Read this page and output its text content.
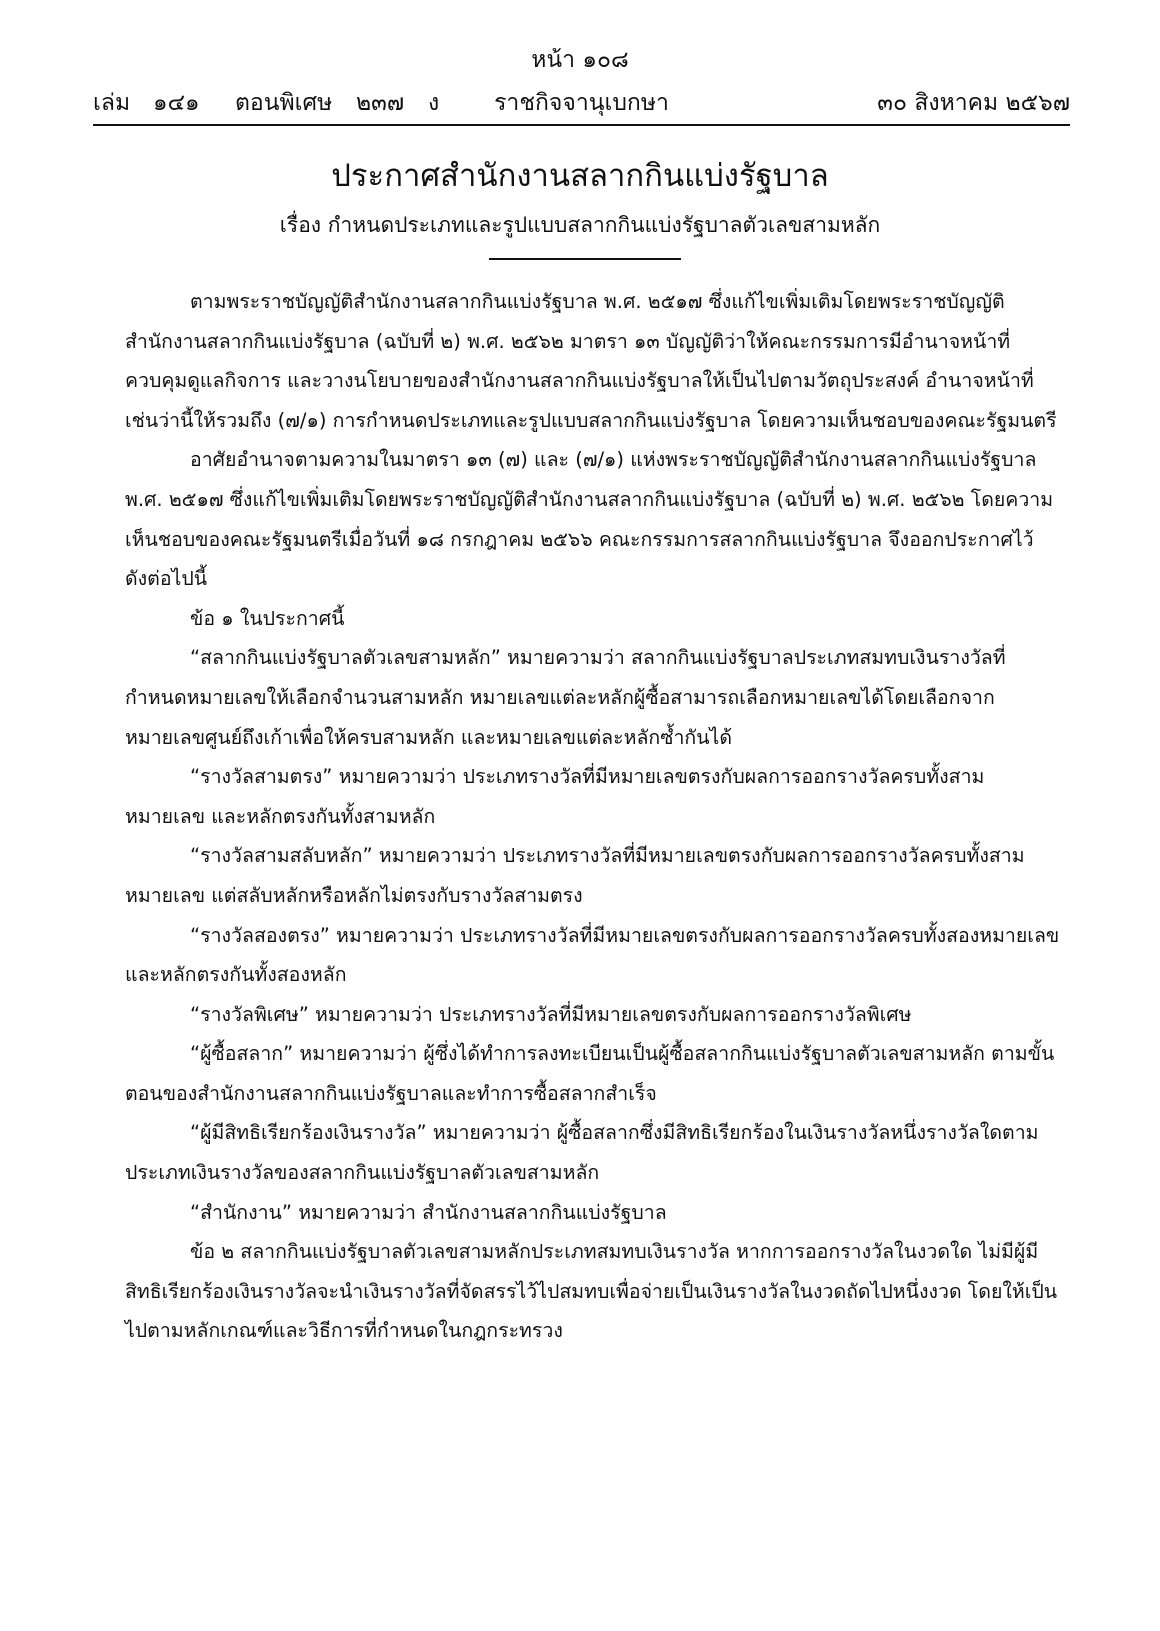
หน้า ๑๐๘
เล่ม ๑๔๑ ตอนพิเศษ ๒๓๗ ง	ราชกิจจานุเบกษา	๓๐ สิงหาคม ๒๕๖๗
ประกาศสำนักงานสลากกินแบ่งรัฐบาล
เรื่อง กำหนดประเภทและรูปแบบสลากกินแบ่งรัฐบาลตัวเลขสามหลัก

ตามพระราชบัญญัติสำนักงานสลากกินแบ่งรัฐบาล พ.ศ. ๒๕๑๗ ซึ่งแก้ไขเพิ่มเติมโดยพระราชบัญญัติสำนักงานสลากกินแบ่งรัฐบาล (ฉบับที่ ๒) พ.ศ. ๒๕๖๒ มาตรา ๑๓ บัญญัติว่าให้คณะกรรมการมีอำนาจหน้าที่ควบคุมดูแลกิจการ และวางนโยบายของสำนักงานสลากกินแบ่งรัฐบาลให้เป็นไปตามวัตถุประสงค์ อำนาจหน้าที่เช่นว่านี้ให้รวมถึง (๗/๑) การกำหนดประเภทและรูปแบบสลากกินแบ่งรัฐบาล โดยความเห็นชอบของคณะรัฐมนตรี

อาศัยอำนาจตามความในมาตรา ๑๓ (๗) และ (๗/๑) แห่งพระราชบัญญัติสำนักงานสลากกินแบ่งรัฐบาล พ.ศ. ๒๕๑๗ ซึ่งแก้ไขเพิ่มเติมโดยพระราชบัญญัติสำนักงานสลากกินแบ่งรัฐบาล (ฉบับที่ ๒) พ.ศ. ๒๕๖๒ โดยความเห็นชอบของคณะรัฐมนตรีเมื่อวันที่ ๑๘ กรกฎาคม ๒๕๖๖ คณะกรรมการสลากกินแบ่งรัฐบาล จึงออกประกาศไว้ ดังต่อไปนี้

ข้อ ๑ ในประกาศนี้

“สลากกินแบ่งรัฐบาลตัวเลขสามหลัก” หมายความว่า สลากกินแบ่งรัฐบาลประเภทสมทบเงินรางวัลที่กำหนดหมายเลขให้เลือกจำนวนสามหลัก หมายเลขแต่ละหลักผู้ซื้อสามารถเลือกหมายเลขได้โดยเลือกจากหมายเลขศูนย์ถึงเก้าเพื่อให้ครบสามหลัก และหมายเลขแต่ละหลักซ้ำกันได้

“รางวัลสามตรง” หมายความว่า ประเภทรางวัลที่มีหมายเลขตรงกับผลการออกรางวัลครบทั้งสามหมายเลข และหลักตรงกันทั้งสามหลัก

“รางวัลสามสลับหลัก” หมายความว่า ประเภทรางวัลที่มีหมายเลขตรงกับผลการออกรางวัลครบทั้งสามหมายเลข แต่สลับหลักหรือหลักไม่ตรงกับรางวัลสามตรง

“รางวัลสองตรง” หมายความว่า ประเภทรางวัลที่มีหมายเลขตรงกับผลการออกรางวัลครบทั้งสองหมายเลข และหลักตรงกันทั้งสองหลัก

“รางวัลพิเศษ” หมายความว่า ประเภทรางวัลที่มีหมายเลขตรงกับผลการออกรางวัลพิเศษ

“ผู้ซื้อสลาก” หมายความว่า ผู้ซึ่งได้ทำการลงทะเบียนเป็นผู้ซื้อสลากกินแบ่งรัฐบาลตัวเลขสามหลัก ตามขั้นตอนของสำนักงานสลากกินแบ่งรัฐบาลและทำการซื้อสลากสำเร็จ

“ผู้มีสิทธิเรียกร้องเงินรางวัล” หมายความว่า ผู้ซื้อสลากซึ่งมีสิทธิเรียกร้องในเงินรางวัลหนึ่งรางวัลใดตามประเภทเงินรางวัลของสลากกินแบ่งรัฐบาลตัวเลขสามหลัก

“สำนักงาน” หมายความว่า สำนักงานสลากกินแบ่งรัฐบาล

ข้อ ๒ สลากกินแบ่งรัฐบาลตัวเลขสามหลักประเภทสมทบเงินรางวัล หากการออกรางวัลในงวดใด ไม่มีผู้มีสิทธิเรียกร้องเงินรางวัลจะนำเงินรางวัลที่จัดสรรไว้ไปสมทบเพื่อจ่ายเป็นเงินรางวัลในงวดถัดไปหนึ่งงวด โดยให้เป็นไปตามหลักเกณฑ์และวิธีการที่กำหนดในกฎกระทรวง
